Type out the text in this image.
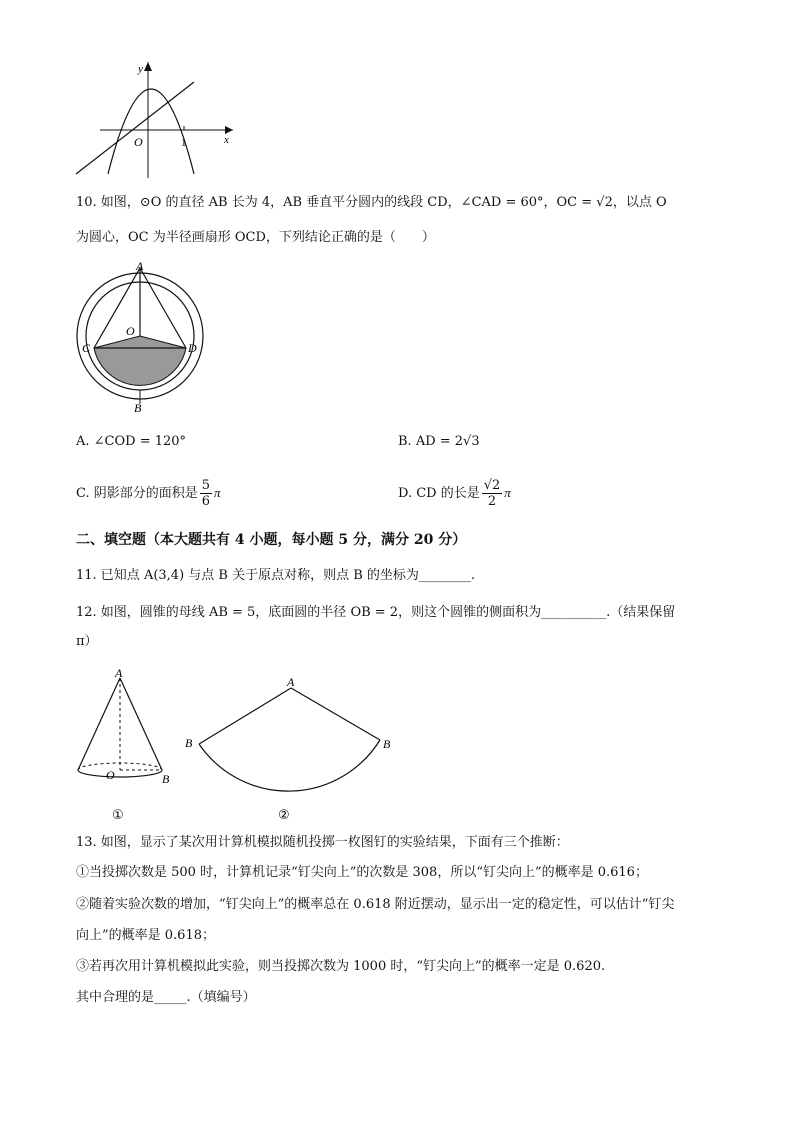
y
x
O	1
10. 如图，⊙O 的直径 AB 长为 4，AB 垂直平分圆内的线段 CD，∠CAD = 60°，OC = √2，以点 O
为圆心，OC 为半径画扇形 OCD，下列结论正确的是（　　）
A
O
C	D
B
A. ∠COD = 120°	B. AD = 2√3
C. 阴影部分的面积是 $\frac{5}{6}$ π	D. CD 的长是 $\frac{√2}{2}$ π
二、填空题（本大题共有 4 小题，每小题 5 分，满分 20 分）
11. 已知点 A(3,4) 与点 B 关于原点对称，则点 B 的坐标为________.
12. 如图，圆锥的母线 AB = 5，底面圆的半径 OB = 2，则这个圆锥的侧面积为__________.（结果保留
π）
A
O	B
①
A
B	B
②
13. 如图，显示了某次用计算机模拟随机投掷一枚图钉的实验结果，下面有三个推断：
①当投掷次数是 500 时，计算机记录“钉尖向上”的次数是 308，所以“钉尖向上”的概率是 0.616；
②随着实验次数的增加，“钉尖向上”的概率总在 0.618 附近摆动，显示出一定的稳定性，可以估计“钉尖
向上”的概率是 0.618；
③若再次用计算机模拟此实验，则当投掷次数为 1000 时，“钉尖向上”的概率一定是 0.620.
其中合理的是_____.（填编号）
